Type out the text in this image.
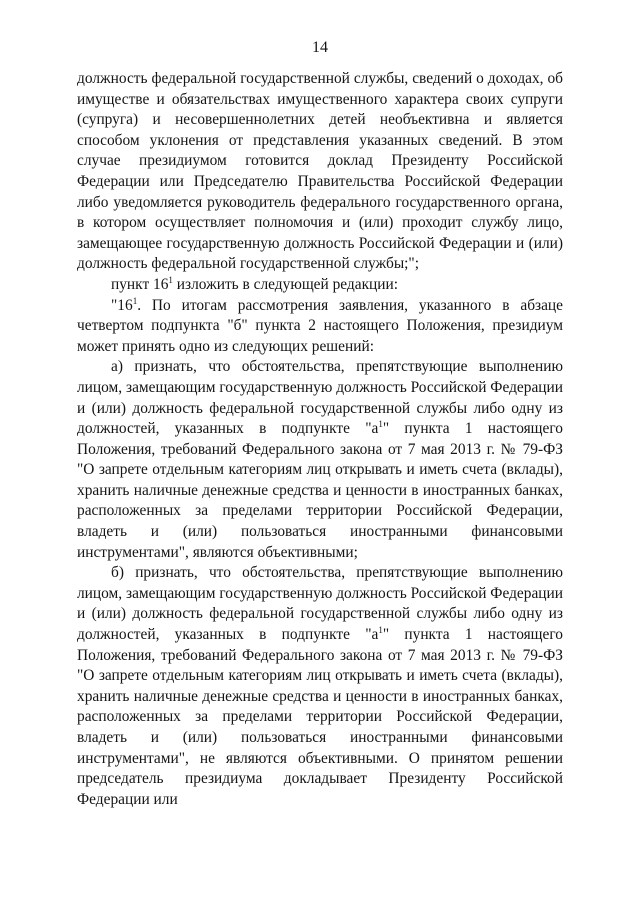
14

должность федеральной государственной службы, сведений о доходах, об имуществе и обязательствах имущественного характера своих супруги (супруга) и несовершеннолетних детей необъективна и является способом уклонения от представления указанных сведений. В этом случае президиумом готовится доклад Президенту Российской Федерации или Председателю Правительства Российской Федерации либо уведомляется руководитель федерального государственного органа, в котором осуществляет полномочия и (или) проходит службу лицо, замещающее государственную должность Российской Федерации и (или) должность федеральной государственной службы;";

пункт $16^1$ изложить в следующей редакции:

"$16^1$. По итогам рассмотрения заявления, указанного в абзаце четвертом подпункта "б" пункта 2 настоящего Положения, президиум может принять одно из следующих решений:

а) признать, что обстоятельства, препятствующие выполнению лицом, замещающим государственную должность Российской Федерации и (или) должность федеральной государственной службы либо одну из должностей, указанных в подпункте "$а^1$" пункта 1 настоящего Положения, требований Федерального закона от 7 мая 2013 г. № 79-ФЗ "О запрете отдельным категориям лиц открывать и иметь счета (вклады), хранить наличные денежные средства и ценности в иностранных банках, расположенных за пределами территории Российской Федерации, владеть и (или) пользоваться иностранными финансовыми инструментами", являются объективными;

б) признать, что обстоятельства, препятствующие выполнению лицом, замещающим государственную должность Российской Федерации и (или) должность федеральной государственной службы либо одну из должностей, указанных в подпункте "$а^1$" пункта 1 настоящего Положения, требований Федерального закона от 7 мая 2013 г. № 79-ФЗ "О запрете отдельным категориям лиц открывать и иметь счета (вклады), хранить наличные денежные средства и ценности в иностранных банках, расположенных за пределами территории Российской Федерации, владеть и (или) пользоваться иностранными финансовыми инструментами", не являются объективными. О принятом решении председатель президиума докладывает Президенту Российской Федерации или
